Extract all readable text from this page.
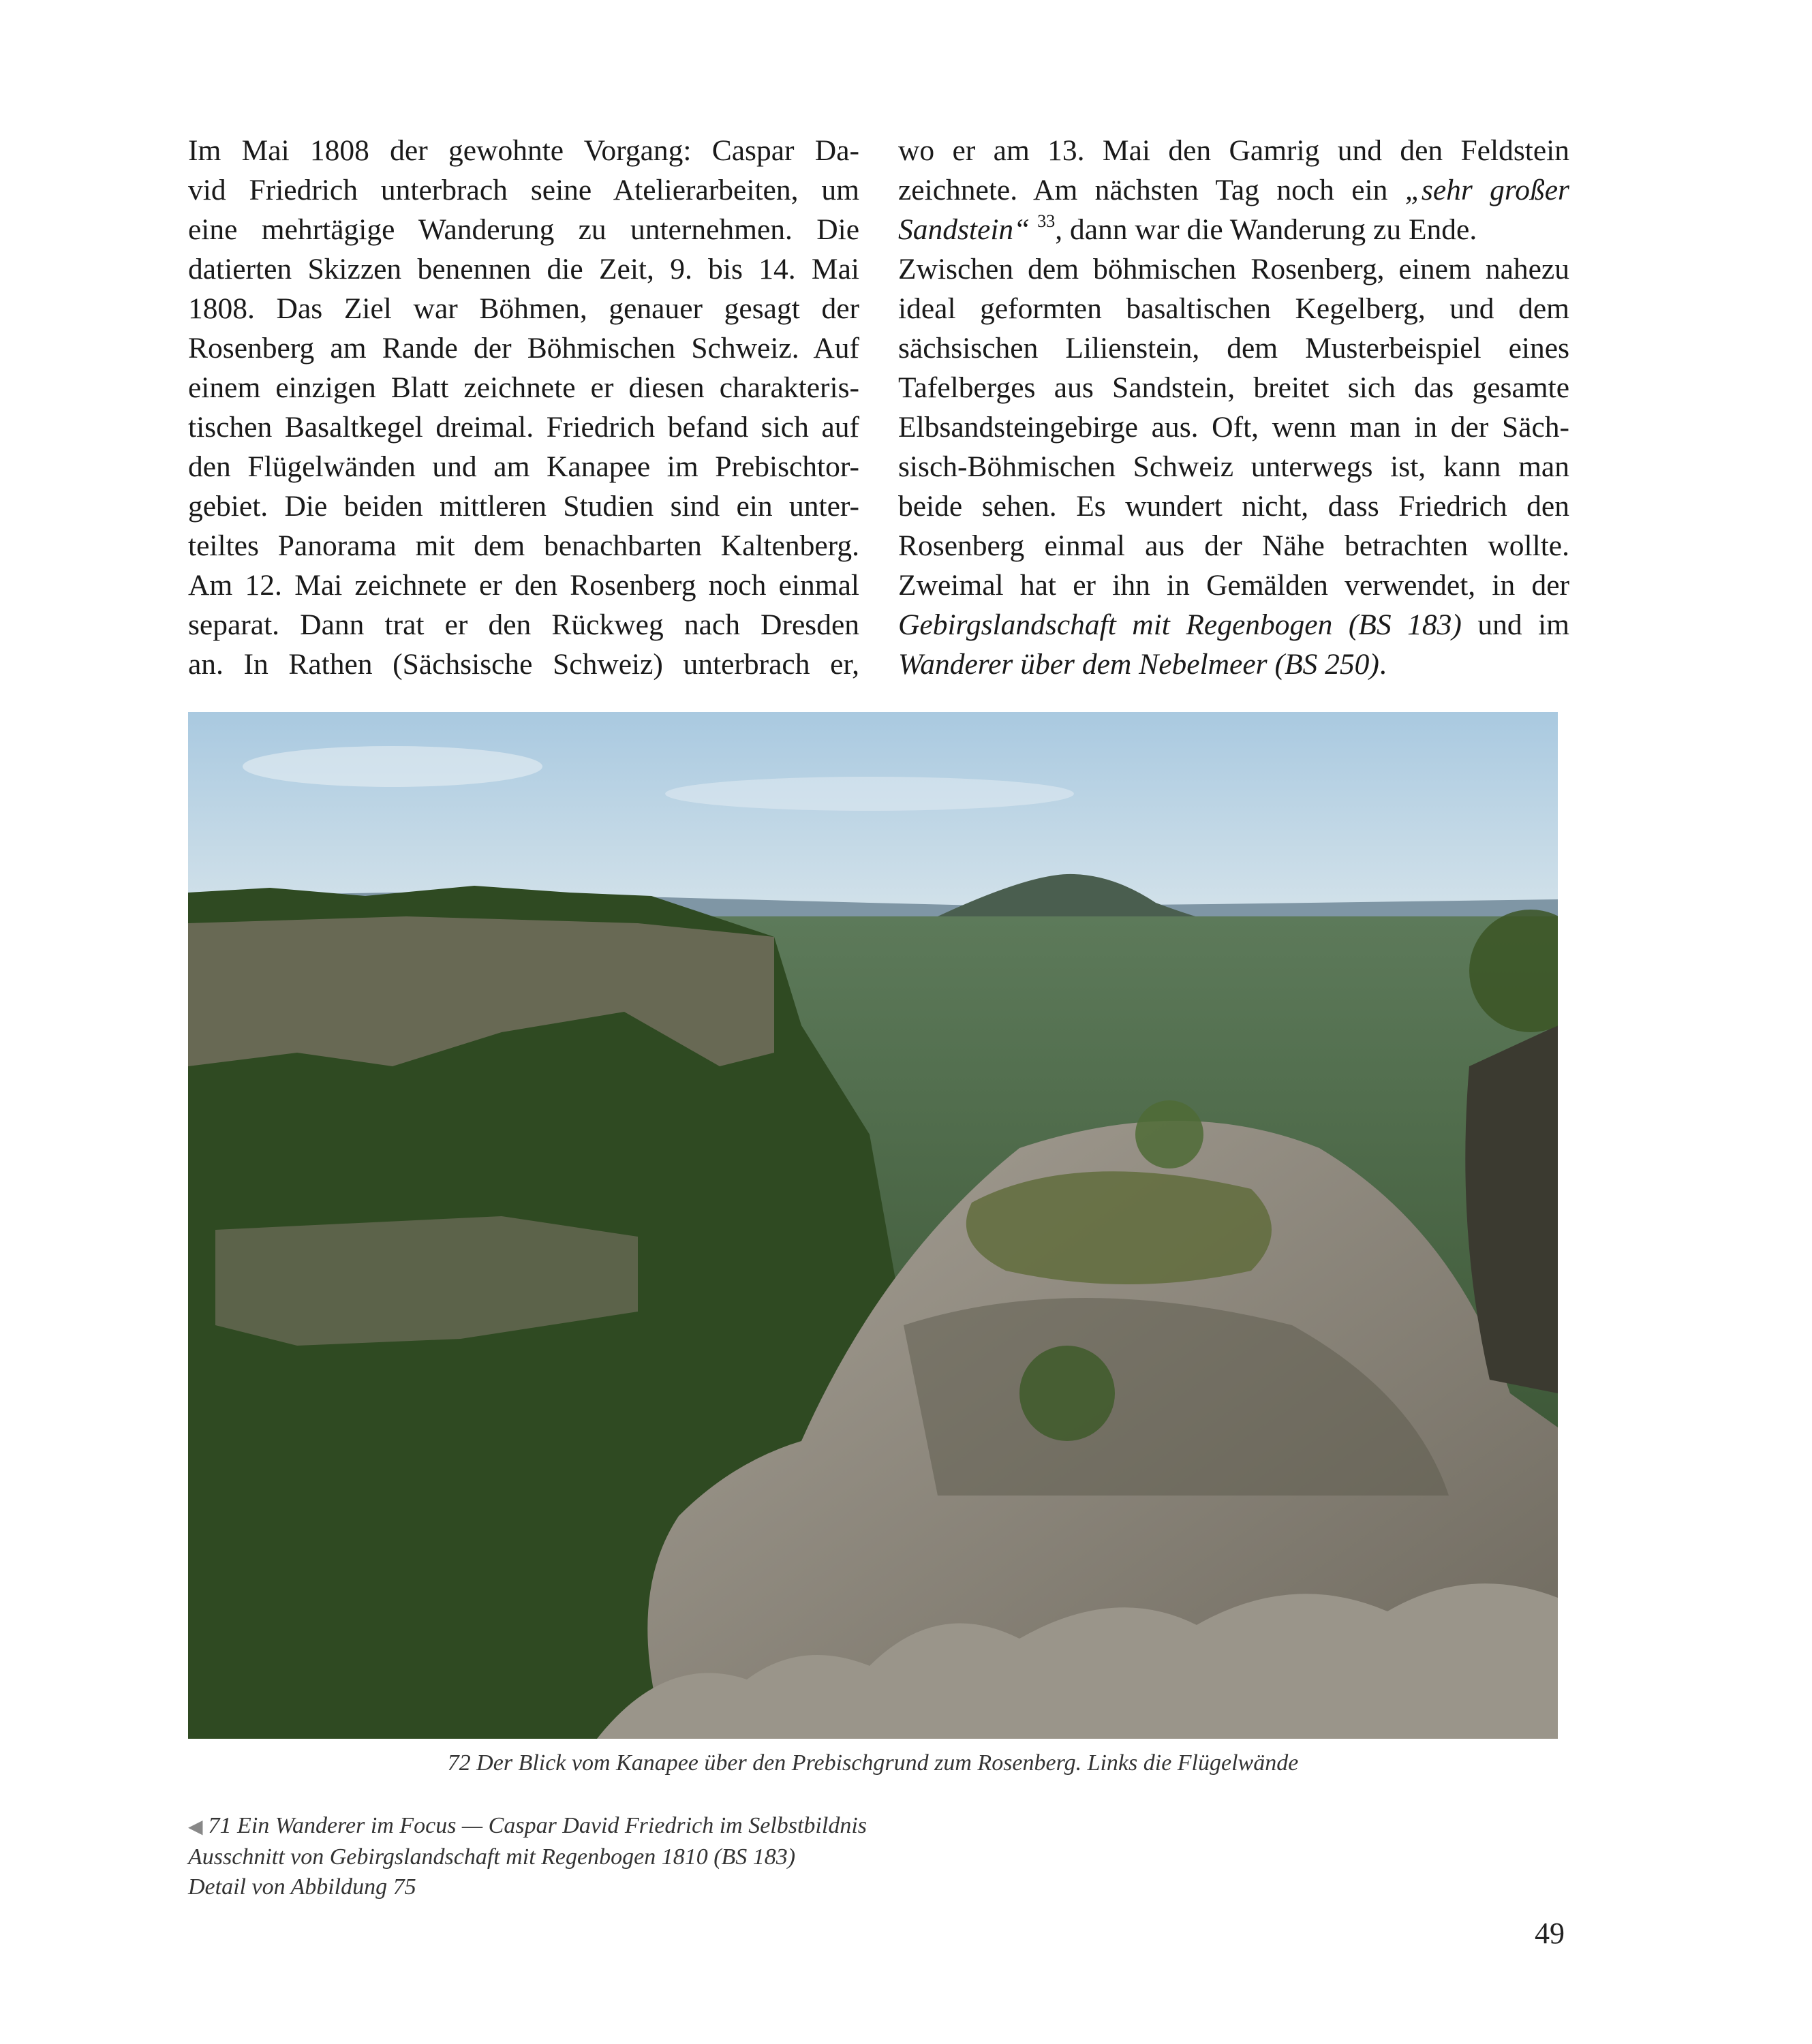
Im Mai 1808 der gewohnte Vorgang: Caspar Da-
vid Friedrich unterbrach seine Atelierarbeiten, um
eine mehrtägige Wanderung zu unternehmen. Die
datierten Skizzen benennen die Zeit, 9. bis 14. Mai
1808. Das Ziel war Böhmen, genauer gesagt der
Rosenberg am Rande der Böhmischen Schweiz. Auf
einem einzigen Blatt zeichnete er diesen charakteris-
tischen Basaltkegel dreimal. Friedrich befand sich auf
den Flügelwänden und am Kanapee im Prebischtor-
gebiet. Die beiden mittleren Studien sind ein unter-
teiltes Panorama mit dem benachbarten Kaltenberg.
Am 12. Mai zeichnete er den Rosenberg noch einmal
separat. Dann trat er den Rückweg nach Dresden
an. In Rathen (Sächsische Schweiz) unterbrach er,
wo er am 13. Mai den Gamrig und den Feldstein
zeichnete. Am nächsten Tag noch ein „sehr großer
Sandstein“ $^{33}$, dann war die Wanderung zu Ende.
Zwischen dem böhmischen Rosenberg, einem nahezu
ideal geformten basaltischen Kegelberg, und dem
sächsischen Lilienstein, dem Musterbeispiel eines
Tafelberges aus Sandstein, breitet sich das gesamte
Elbsandsteingebirge aus. Oft, wenn man in der Säch-
sisch-Böhmischen Schweiz unterwegs ist, kann man
beide sehen. Es wundert nicht, dass Friedrich den
Rosenberg einmal aus der Nähe betrachten wollte.
Zweimal hat er ihn in Gemälden verwendet, in der
Gebirgslandschaft mit Regenbogen (BS 183) und im
Wanderer über dem Nebelmeer (BS 250).
72 Der Blick vom Kanapee über den Prebischgrund zum Rosenberg. Links die Flügelwände
◀ 71 Ein Wanderer im Focus — Caspar David Friedrich im Selbstbildnis
Ausschnitt von Gebirgslandschaft mit Regenbogen 1810 (BS 183)
Detail von Abbildung 75
49
